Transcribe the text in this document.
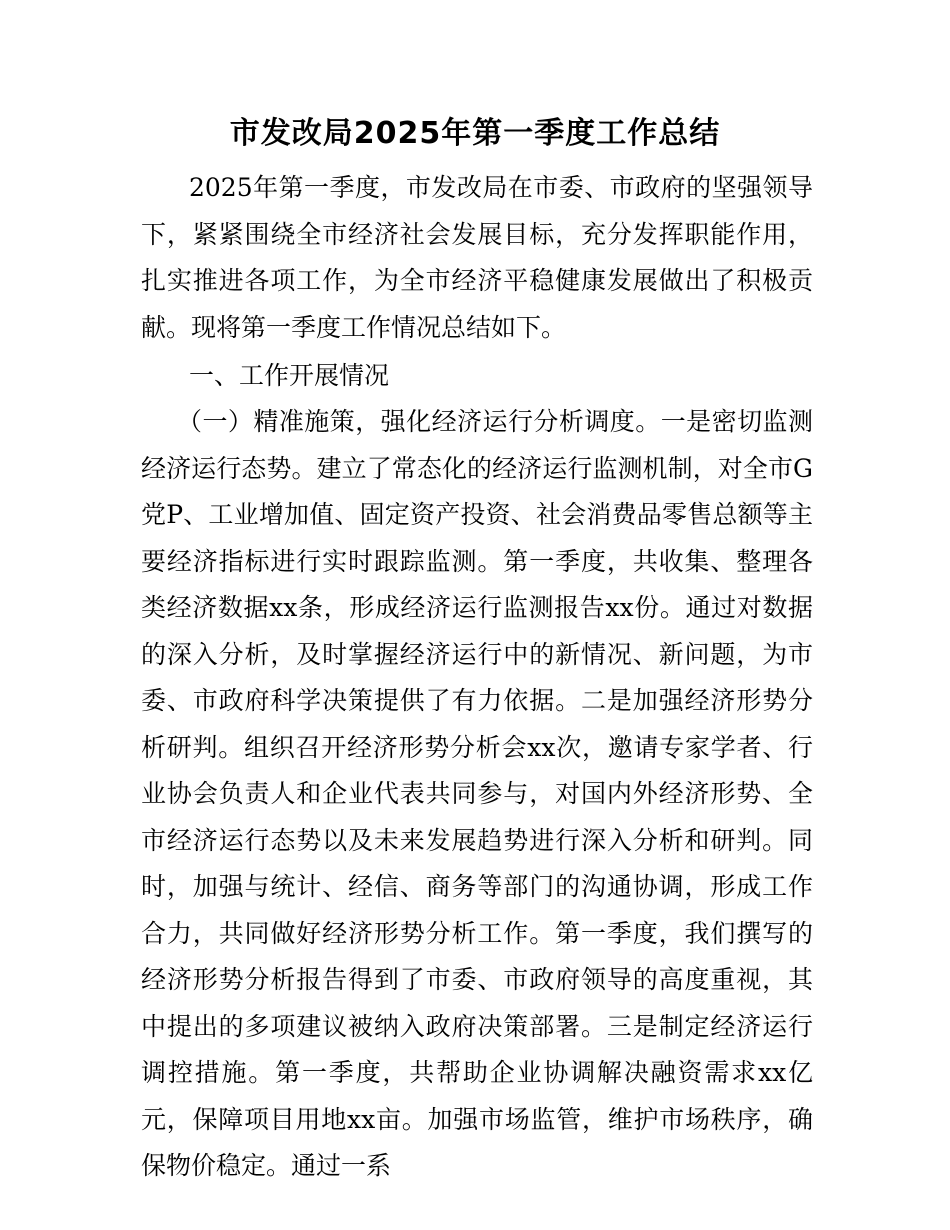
市发改局2025年第一季度工作总结

2025年第一季度，市发改局在市委、市政府的坚强领导下，紧紧围绕全市经济社会发展目标，充分发挥职能作用，扎实推进各项工作，为全市经济平稳健康发展做出了积极贡献。现将第一季度工作情况总结如下。

一、工作开展情况

（一）精准施策，强化经济运行分析调度。一是密切监测经济运行态势。建立了常态化的经济运行监测机制，对全市G党P、工业增加值、固定资产投资、社会消费品零售总额等主要经济指标进行实时跟踪监测。第一季度，共收集、整理各类经济数据xx条，形成经济运行监测报告xx份。通过对数据的深入分析，及时掌握经济运行中的新情况、新问题，为市委、市政府科学决策提供了有力依据。二是加强经济形势分析研判。组织召开经济形势分析会xx次，邀请专家学者、行业协会负责人和企业代表共同参与，对国内外经济形势、全市经济运行态势以及未来发展趋势进行深入分析和研判。同时，加强与统计、经信、商务等部门的沟通协调，形成工作合力，共同做好经济形势分析工作。第一季度，我们撰写的经济形势分析报告得到了市委、市政府领导的高度重视，其中提出的多项建议被纳入政府决策部署。三是制定经济运行调控措施。第一季度，共帮助企业协调解决融资需求xx亿元，保障项目用地xx亩。加强市场监管，维护市场秩序，确保物价稳定。通过一系
